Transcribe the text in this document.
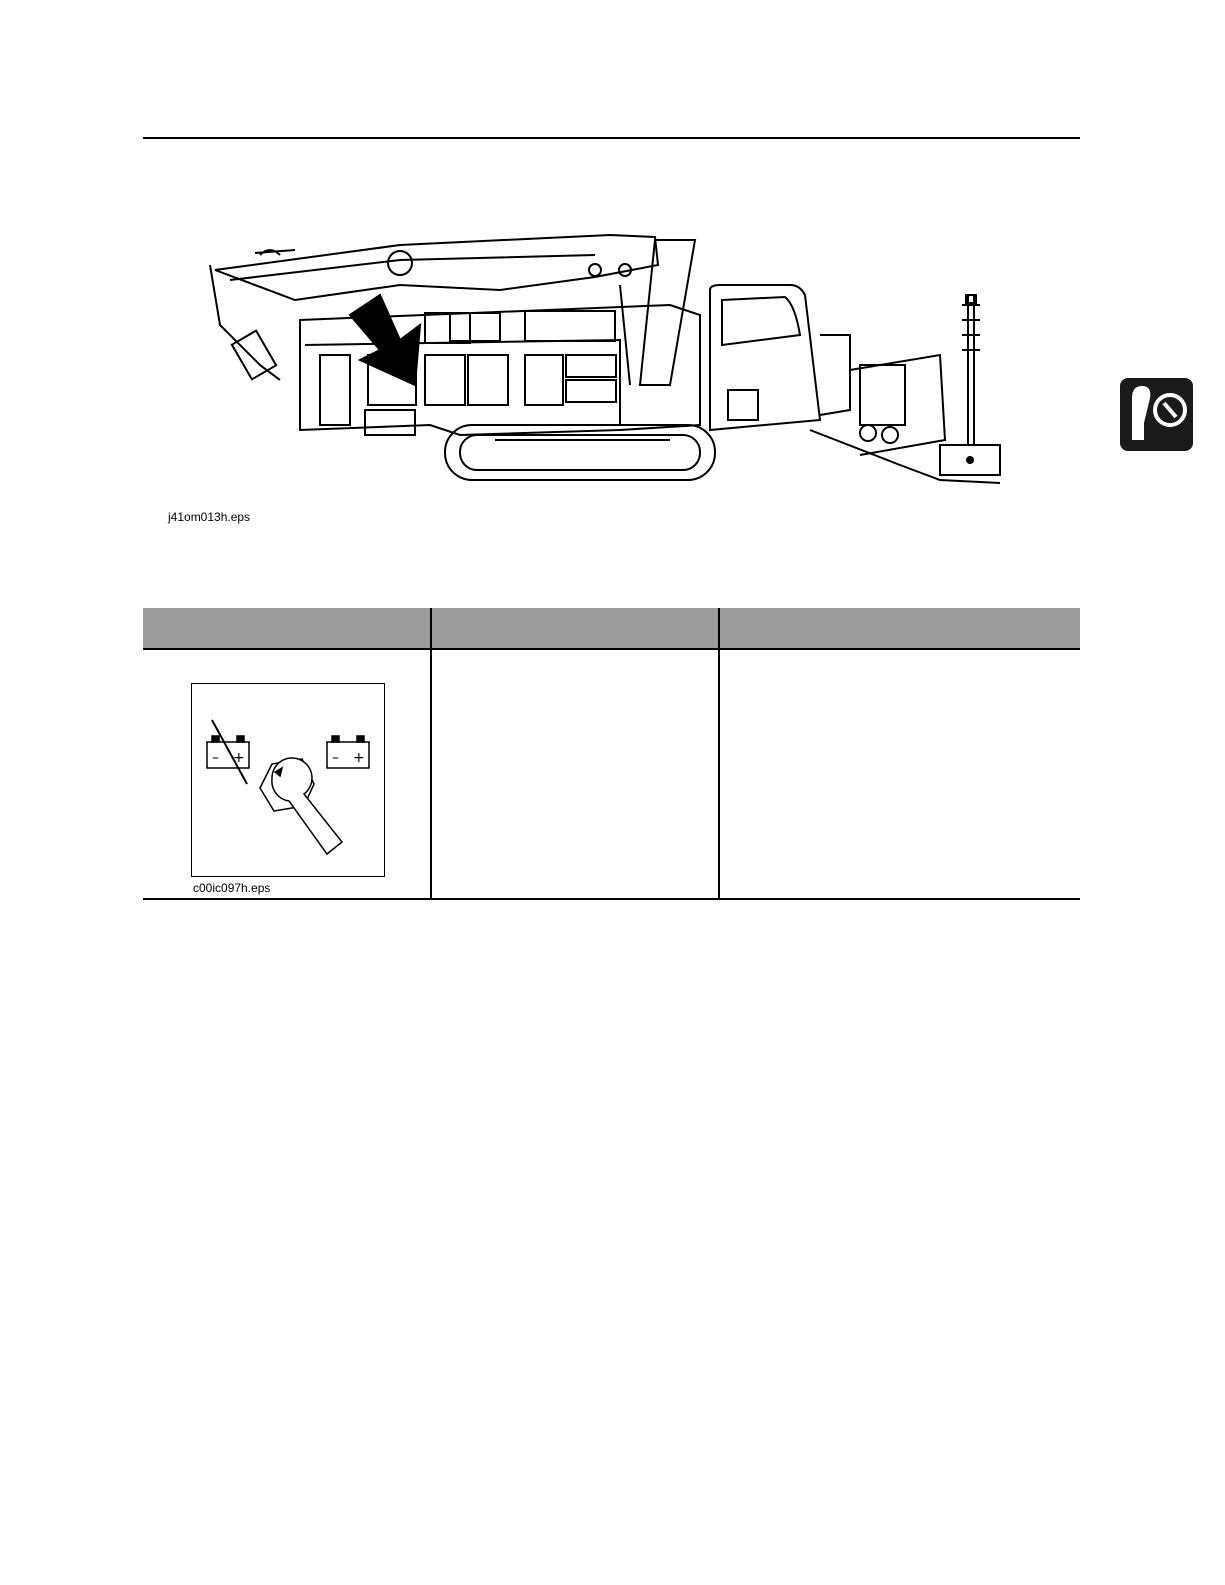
j41om013h.eps
– +	– +
c00ic097h.eps
